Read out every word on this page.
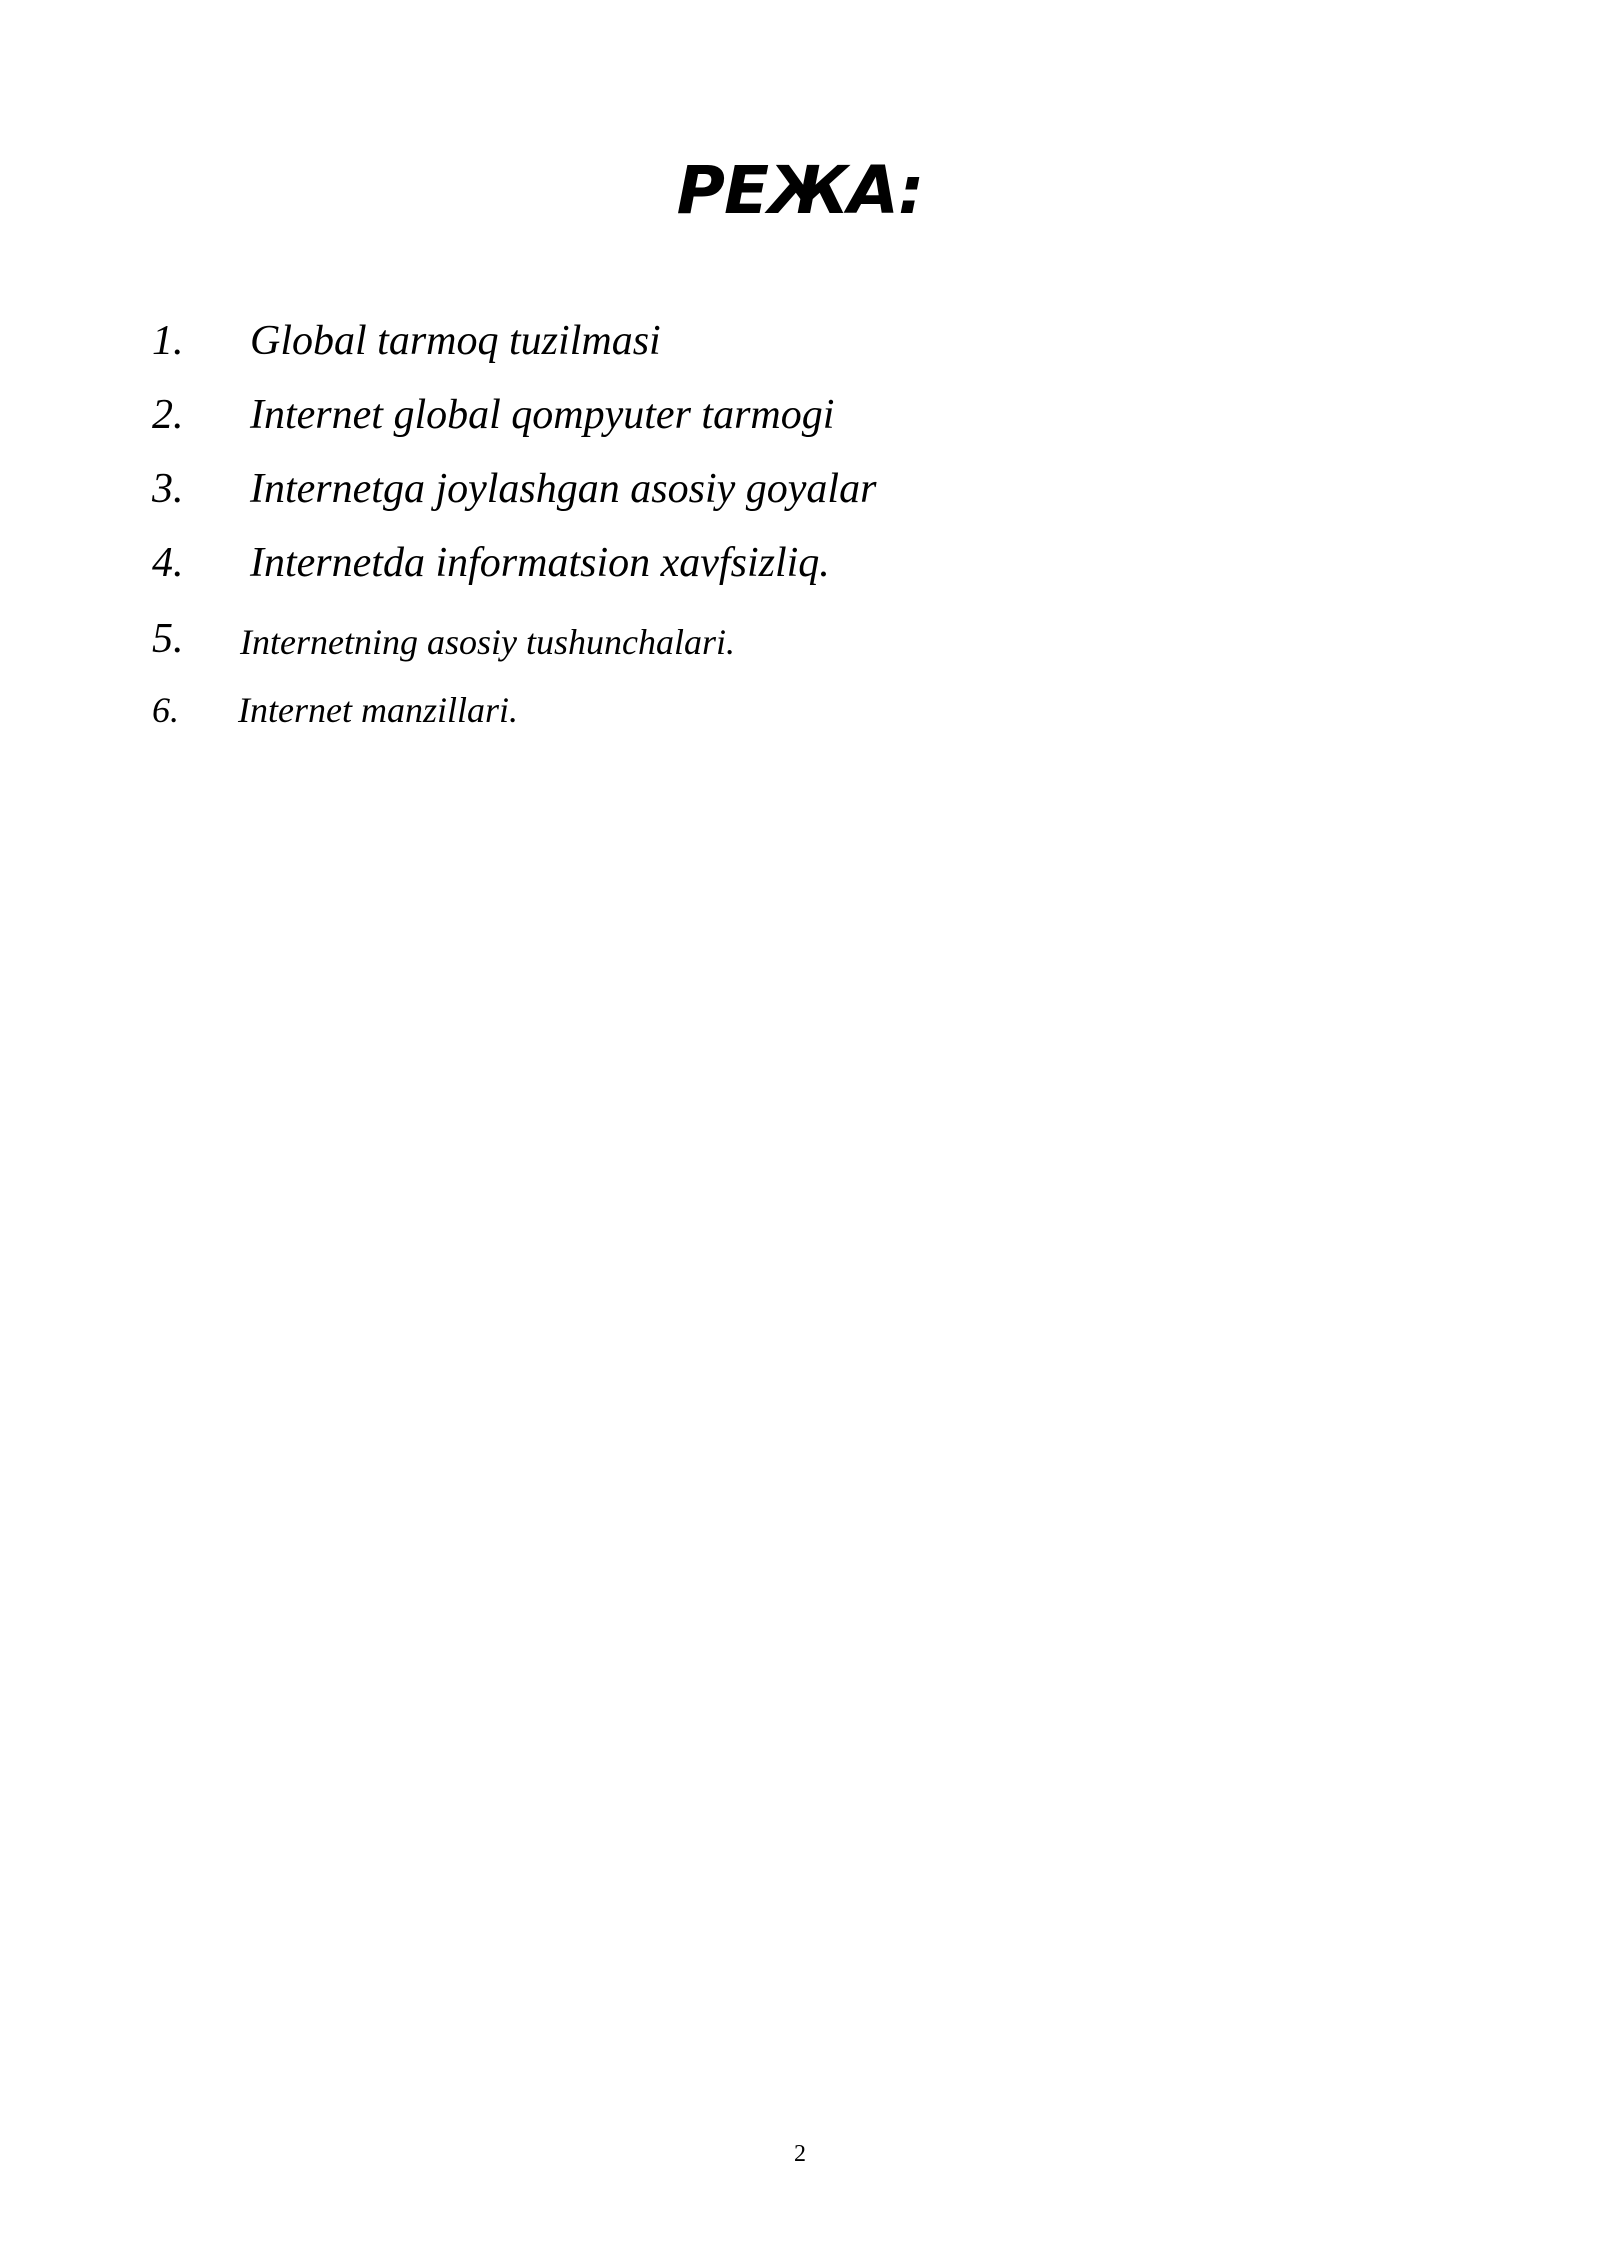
РЕЖА:
1. Global tarmoq tuzilmasi
2. Internet global qompyuter tarmogi
3. Internetga joylashgan asosiy goyalar
4. Internetda informatsion xavfsizliq.
5. Internetning asosiy tushunchalari.
6. Internet manzillari.
2
